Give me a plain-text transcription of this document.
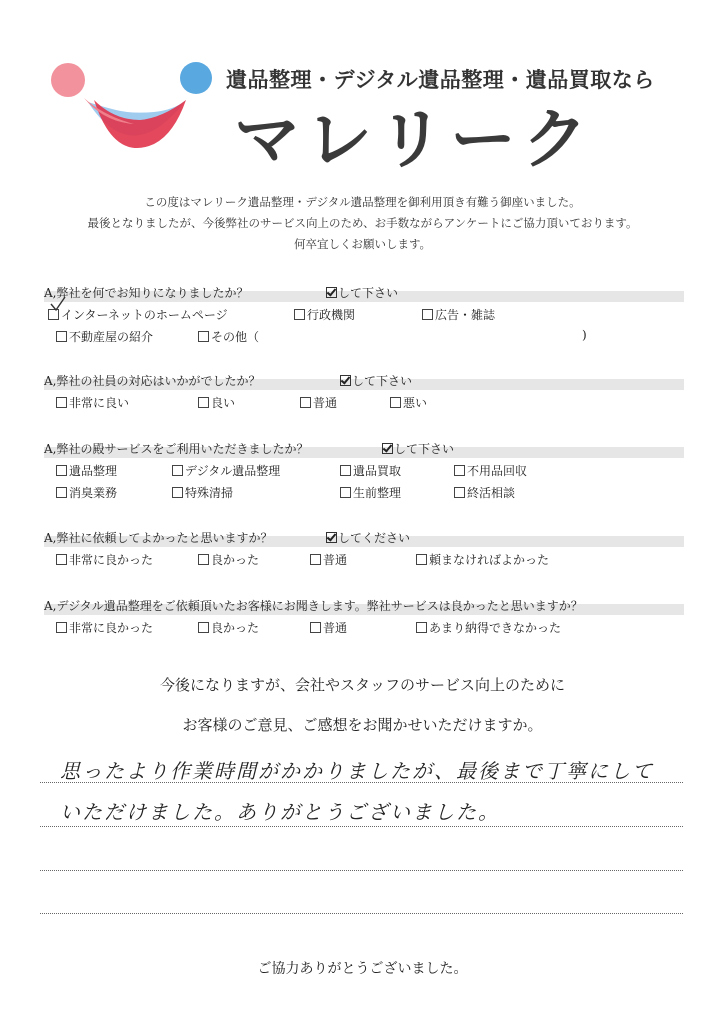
遺品整理・デジタル遺品整理・遺品買取なら
マレリーク
この度はマレリーク遺品整理・デジタル遺品整理を御利用頂き有難う御座いました。
最後となりましたが、今後弊社のサービス向上のため、お手数ながらアンケートにご協力頂いております。
何卒宜しくお願いします。
A,弊社を何でお知りになりましたか？	して下さい
インターネットのホームページ	行政機関	広告・雑誌
不動産屋の紹介	その他（	)
A,弊社の社員の対応はいかがでしたか？	して下さい
非常に良い	良い	普通	悪い
A,弊社の殿サービスをご利用いただきましたか？	して下さい
遺品整理	デジタル遺品整理	遺品買取	不用品回収
消臭業務	特殊清掃	生前整理	終活相談
A,弊社に依頼してよかったと思いますか？	してください
非常に良かった	良かった	普通	頼まなければよかった
A,デジタル遺品整理をご依頼頂いたお客様にお聞きします。弊社サービスは良かったと思いますか？
非常に良かった	良かった	普通	あまり納得できなかった
今後になりますが、会社やスタッフのサービス向上のために
お客様のご意見、ご感想をお聞かせいただけますか。
思ったより作業時間がかかりましたが、最後まで丁寧にして
いただけました。ありがとうございました。
ご協力ありがとうございました。
